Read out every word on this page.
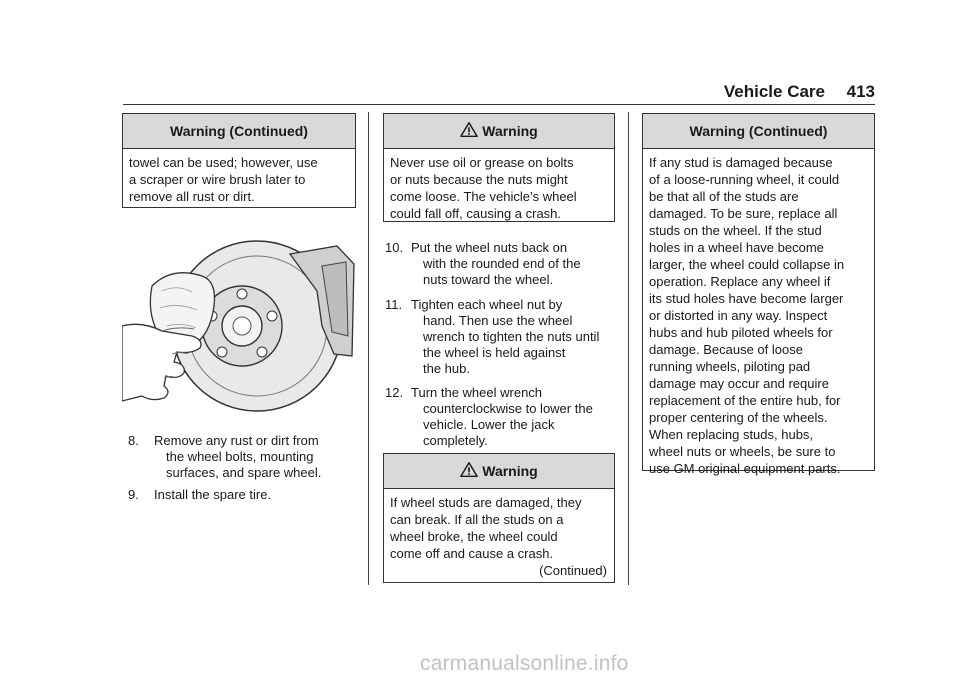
Vehicle Care 413
Warning (Continued)
towel can be used; however, use
a scraper or wire brush later to
remove all rust or dirt.
8. Remove any rust or dirt from
the wheel bolts, mounting
surfaces, and spare wheel.
9. Install the spare tire.
Warning
Never use oil or grease on bolts
or nuts because the nuts might
come loose. The vehicle’s wheel
could fall off, causing a crash.
10. Put the wheel nuts back on
with the rounded end of the
nuts toward the wheel.
11. Tighten each wheel nut by
hand. Then use the wheel
wrench to tighten the nuts until
the wheel is held against
the hub.
12. Turn the wheel wrench
counterclockwise to lower the
vehicle. Lower the jack
completely.
Warning
If wheel studs are damaged, they
can break. If all the studs on a
wheel broke, the wheel could
come off and cause a crash.
(Continued)
Warning (Continued)
If any stud is damaged because
of a loose-running wheel, it could
be that all of the studs are
damaged. To be sure, replace all
studs on the wheel. If the stud
holes in a wheel have become
larger, the wheel could collapse in
operation. Replace any wheel if
its stud holes have become larger
or distorted in any way. Inspect
hubs and hub piloted wheels for
damage. Because of loose
running wheels, piloting pad
damage may occur and require
replacement of the entire hub, for
proper centering of the wheels.
When replacing studs, hubs,
wheel nuts or wheels, be sure to
use GM original equipment parts.
carmanualsonline.info
